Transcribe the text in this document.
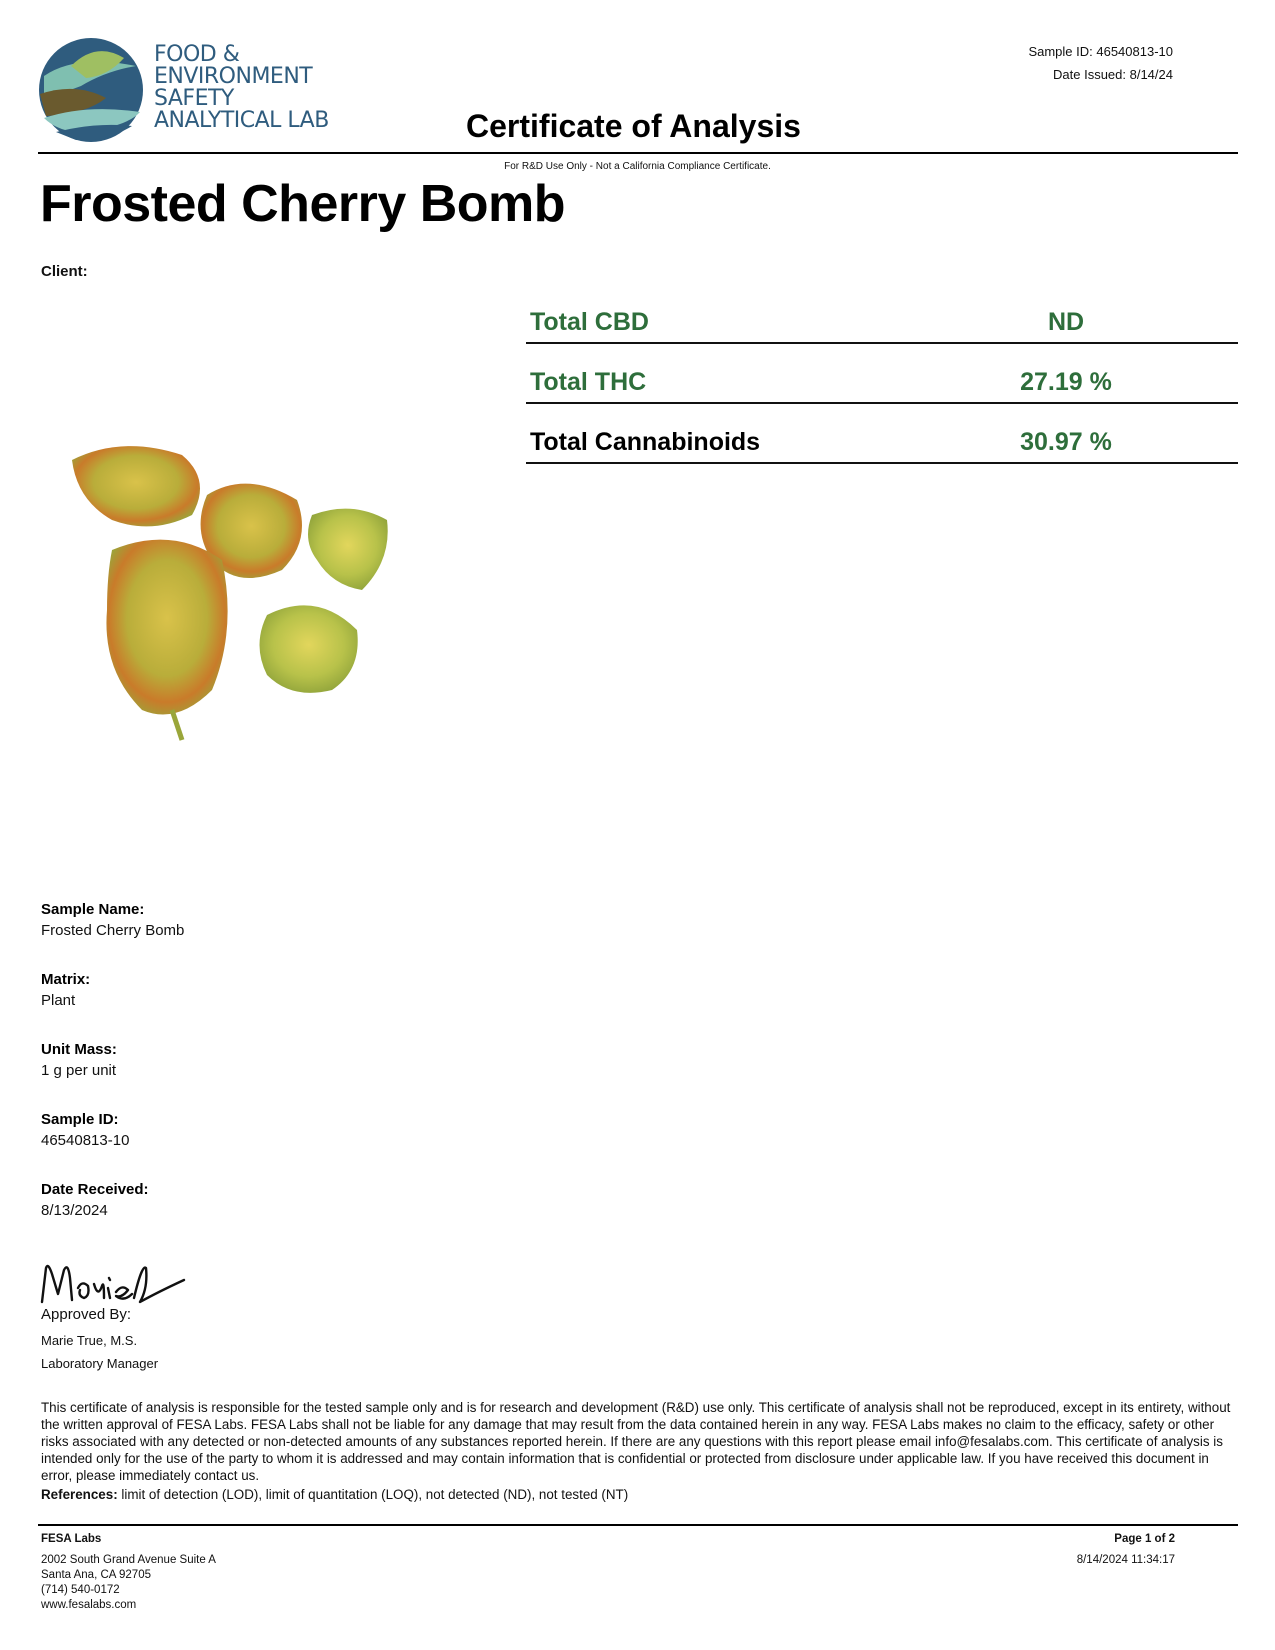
FOOD &
ENVIRONMENT
SAFETY
ANALYTICAL LAB
Sample ID: 46540813-10
Date Issued: 8/14/24
Certificate of Analysis
For R&D Use Only - Not a California Compliance Certificate.
Frosted Cherry Bomb
Client:
Total CBD	ND
Total THC	27.19 %
Total Cannabinoids	30.97 %
Sample Name:
Frosted Cherry Bomb
Matrix:
Plant
Unit Mass:
1 g per unit
Sample ID:
46540813-10
Date Received:
8/13/2024
Approved By:
Marie True, M.S.
Laboratory Manager
This certificate of analysis is responsible for the tested sample only and is for research and development (R&D) use only. This certificate of analysis shall not be reproduced, except in its entirety, without the written approval of FESA Labs. FESA Labs shall not be liable for any damage that may result from the data contained herein in any way. FESA Labs makes no claim to the efficacy, safety or other risks associated with any detected or non-detected amounts of any substances reported herein. If there are any questions with this report please email info@fesalabs.com. This certificate of analysis is intended only for the use of the party to whom it is addressed and may contain information that is confidential or protected from disclosure under applicable law. If you have received this document in error, please immediately contact us.
References: limit of detection (LOD), limit of quantitation (LOQ), not detected (ND), not tested (NT)
FESA Labs
2002 South Grand Avenue Suite A
Santa Ana, CA 92705
(714) 540-0172
www.fesalabs.com
Page 1 of 2
8/14/2024 11:34:17
